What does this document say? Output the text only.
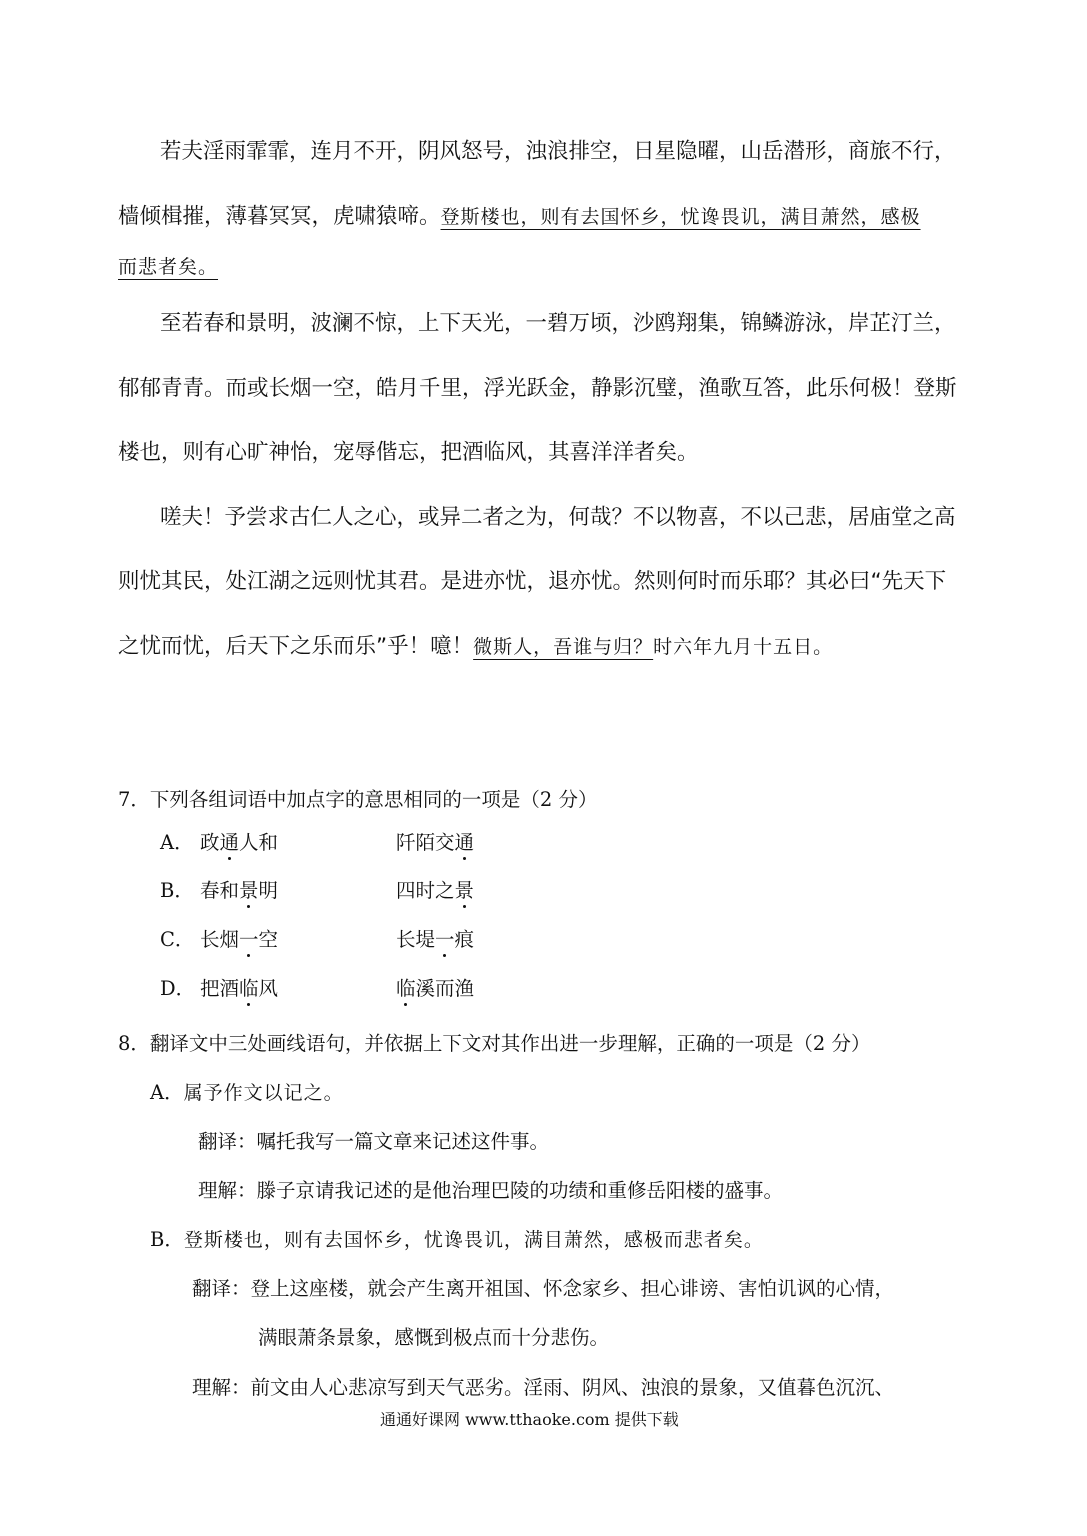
若夫淫雨霏霏，连月不开，阴风怒号，浊浪排空，日星隐曜，山岳潜形，商旅不行，
樯倾楫摧，薄暮冥冥，虎啸猿啼。登斯楼也，则有去国怀乡，忧谗畏讥，满目萧然，感极
而悲者矣。
至若春和景明，波澜不惊，上下天光，一碧万顷，沙鸥翔集，锦鳞游泳，岸芷汀兰，
郁郁青青。而或长烟一空，皓月千里，浮光跃金，静影沉璧，渔歌互答，此乐何极！登斯
楼也，则有心旷神怡，宠辱偕忘，把酒临风，其喜洋洋者矣。
嗟夫！予尝求古仁人之心，或异二者之为，何哉？不以物喜，不以己悲，居庙堂之高
则忧其民，处江湖之远则忧其君。是进亦忧，退亦忧。然则何时而乐耶？其必曰“先天下
之忧而忧，后天下之乐而乐”乎！噫！微斯人，吾谁与归？时六年九月十五日。
7．下列各组词语中加点字的意思相同的一项是（2 分）
A． 政通人和	阡陌交通
B． 春和景明	四时之景
C． 长烟一空	长堤一痕
D． 把酒临风	临溪而渔
8．翻译文中三处画线语句，并依据上下文对其作出进一步理解，正确的一项是（2 分）
A．属予作文以记之。
翻译：嘱托我写一篇文章来记述这件事。
理解：滕子京请我记述的是他治理巴陵的功绩和重修岳阳楼的盛事。
B．登斯楼也，则有去国怀乡，忧谗畏讥，满目萧然，感极而悲者矣。
翻译：登上这座楼，就会产生离开祖国、怀念家乡、担心诽谤、害怕讥讽的心情，
满眼萧条景象，感慨到极点而十分悲伤。
理解：前文由人心悲凉写到天气恶劣。淫雨、阴风、浊浪的景象，又值暮色沉沉、
通通好课网 www.tthaoke.com 提供下载
